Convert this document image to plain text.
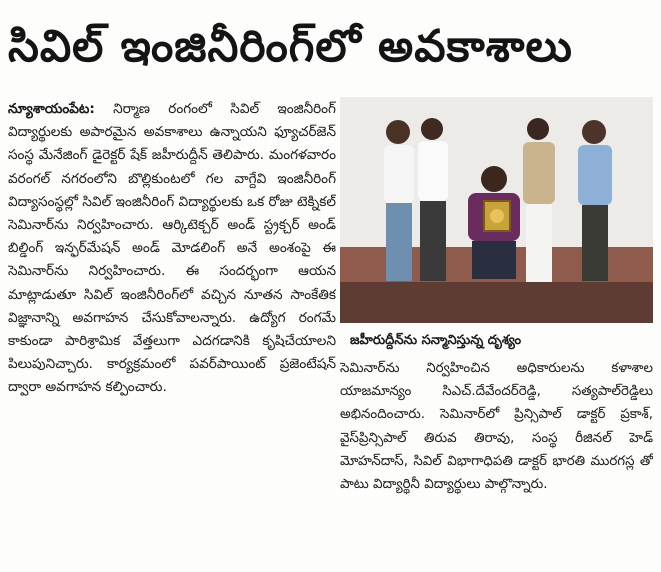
సివిల్ ఇంజినీరింగ్‌లో అవకాశాలు

న్యూశాయంపేట: నిర్మాణ రంగంలో సివిల్ ఇంజినీరింగ్ విద్యార్థులకు అపారమైన అవకాశాలు ఉన్నాయని ఫ్యూచర్‌జెన్ సంస్థ మేనేజింగ్ డైరెక్టర్ షేక్ జహీరుద్దీన్ తెలిపారు. మంగళవారం వరంగల్ నగరంలోని బొల్లికుంటలో గల వాగ్దేవి ఇంజినీరింగ్ విద్యాసంస్థల్లో సివిల్ ఇంజినీరింగ్ విద్యార్థులకు ఒక రోజు టెక్నికల్ సెమినార్‌ను నిర్వహించారు. ఆర్కిటెక్చర్ అండ్ స్ట్రక్చర్ అండ్ బిల్డింగ్ ఇన్ఫర్‌మేషన్ అండ్ మోడలింగ్ అనే అంశంపై ఈ సెమినార్‌ను నిర్వహించారు. ఈ సందర్భంగా ఆయన మాట్లాడుతూ సివిల్ ఇంజినీరింగ్‌లో వచ్చిన నూతన సాంకేతిక విజ్ఞానాన్ని అవగాహన చేసుకోవాలన్నారు. ఉద్యోగ రంగమే కాకుండా పారిశ్రామిక వేత్తలుగా ఎదగడానికి కృషిచేయాలని పిలుపునిచ్చారు. కార్యక్రమంలో పవర్‌పాయింట్ ప్రజెంటేషన్ ద్వారా అవగాహన కల్పించారు.

జహీరుద్దీన్‌ను సన్మానిస్తున్న దృశ్యం

సెమినార్‌ను నిర్వహించిన అధికారులను కళాశాల యాజమాన్యం సిఎచ్.దేవేందర్‌రెడ్డి, సత్యపాల్‌రెడ్డిలు అభినందించారు. సెమినార్‌లో ప్రిన్సిపాల్ డాక్టర్ ప్రకాశ్, వైస్‌ప్రిన్సిపాల్ తిరువ తిరావు, సంస్థ రీజినల్ హెడ్ మోహన్‌దాస్, సివిల్ విభాగాధిపతి డాక్టర్ భారతి మురగస్ల తో పాటు విద్యార్థినీ విద్యార్థులు పాల్గొన్నారు.
